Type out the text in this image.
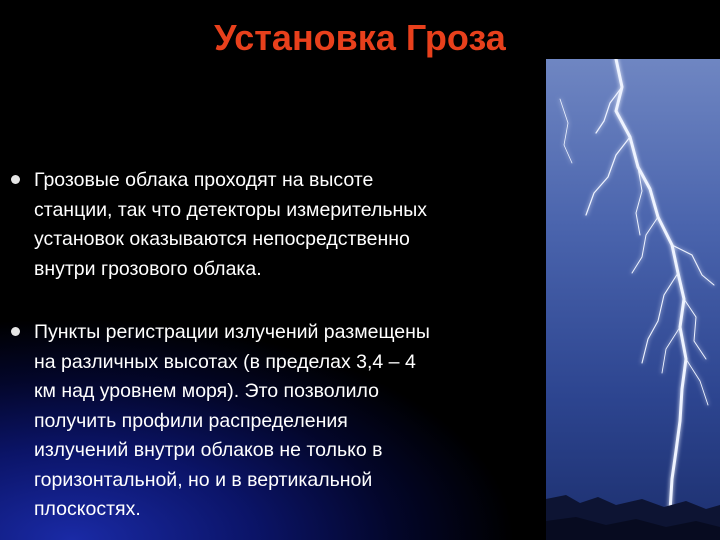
Установка Гроза
Грозовые облака проходят на высоте
станции, так что детекторы измерительных
установок оказываются непосредственно
внутри грозового облака.
Пункты регистрации излучений размещены
на различных высотах (в пределах 3,4 – 4
км над уровнем моря). Это позволило
получить профили распределения
излучений внутри облаков не только в
горизонтальной, но и в вертикальной
плоскостях.
